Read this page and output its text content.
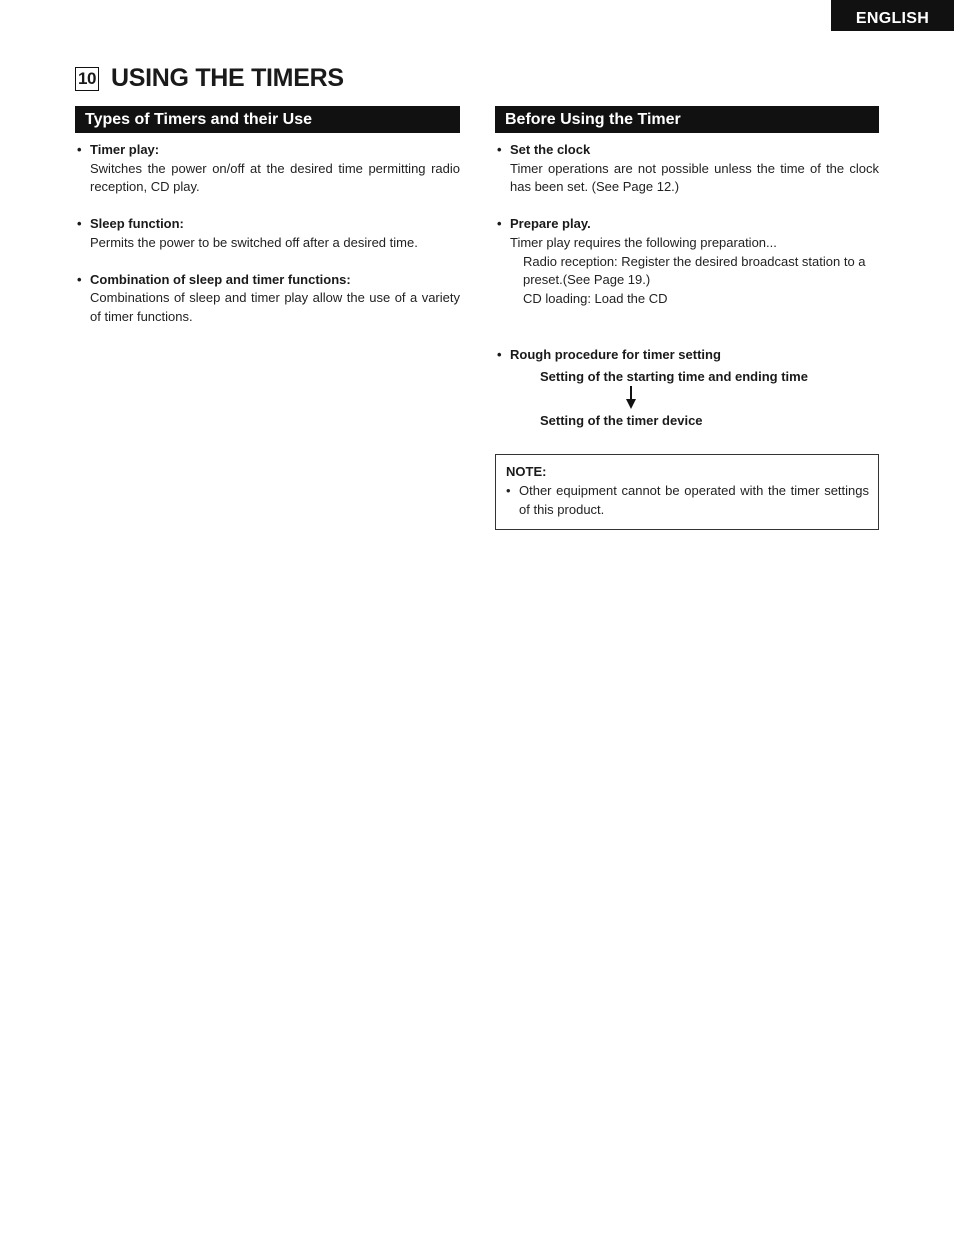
ENGLISH
10 USING THE TIMERS
Types of Timers and their Use
• Timer play:
Switches the power on/off at the desired time permitting radio reception, CD play.
• Sleep function:
Permits the power to be switched off after a desired time.
• Combination of sleep and timer functions:
Combinations of sleep and timer play allow the use of a variety of timer functions.
Before Using the Timer
• Set the clock
Timer operations are not possible unless the time of the clock has been set. (See Page 12.)
• Prepare play.
Timer play requires the following preparation...
Radio reception: Register the desired broadcast station to a preset.(See Page 19.)
CD loading: Load the CD
• Rough procedure for timer setting
Setting of the starting time and ending time
Setting of the timer device
NOTE:
• Other equipment cannot be operated with the timer settings of this product.
